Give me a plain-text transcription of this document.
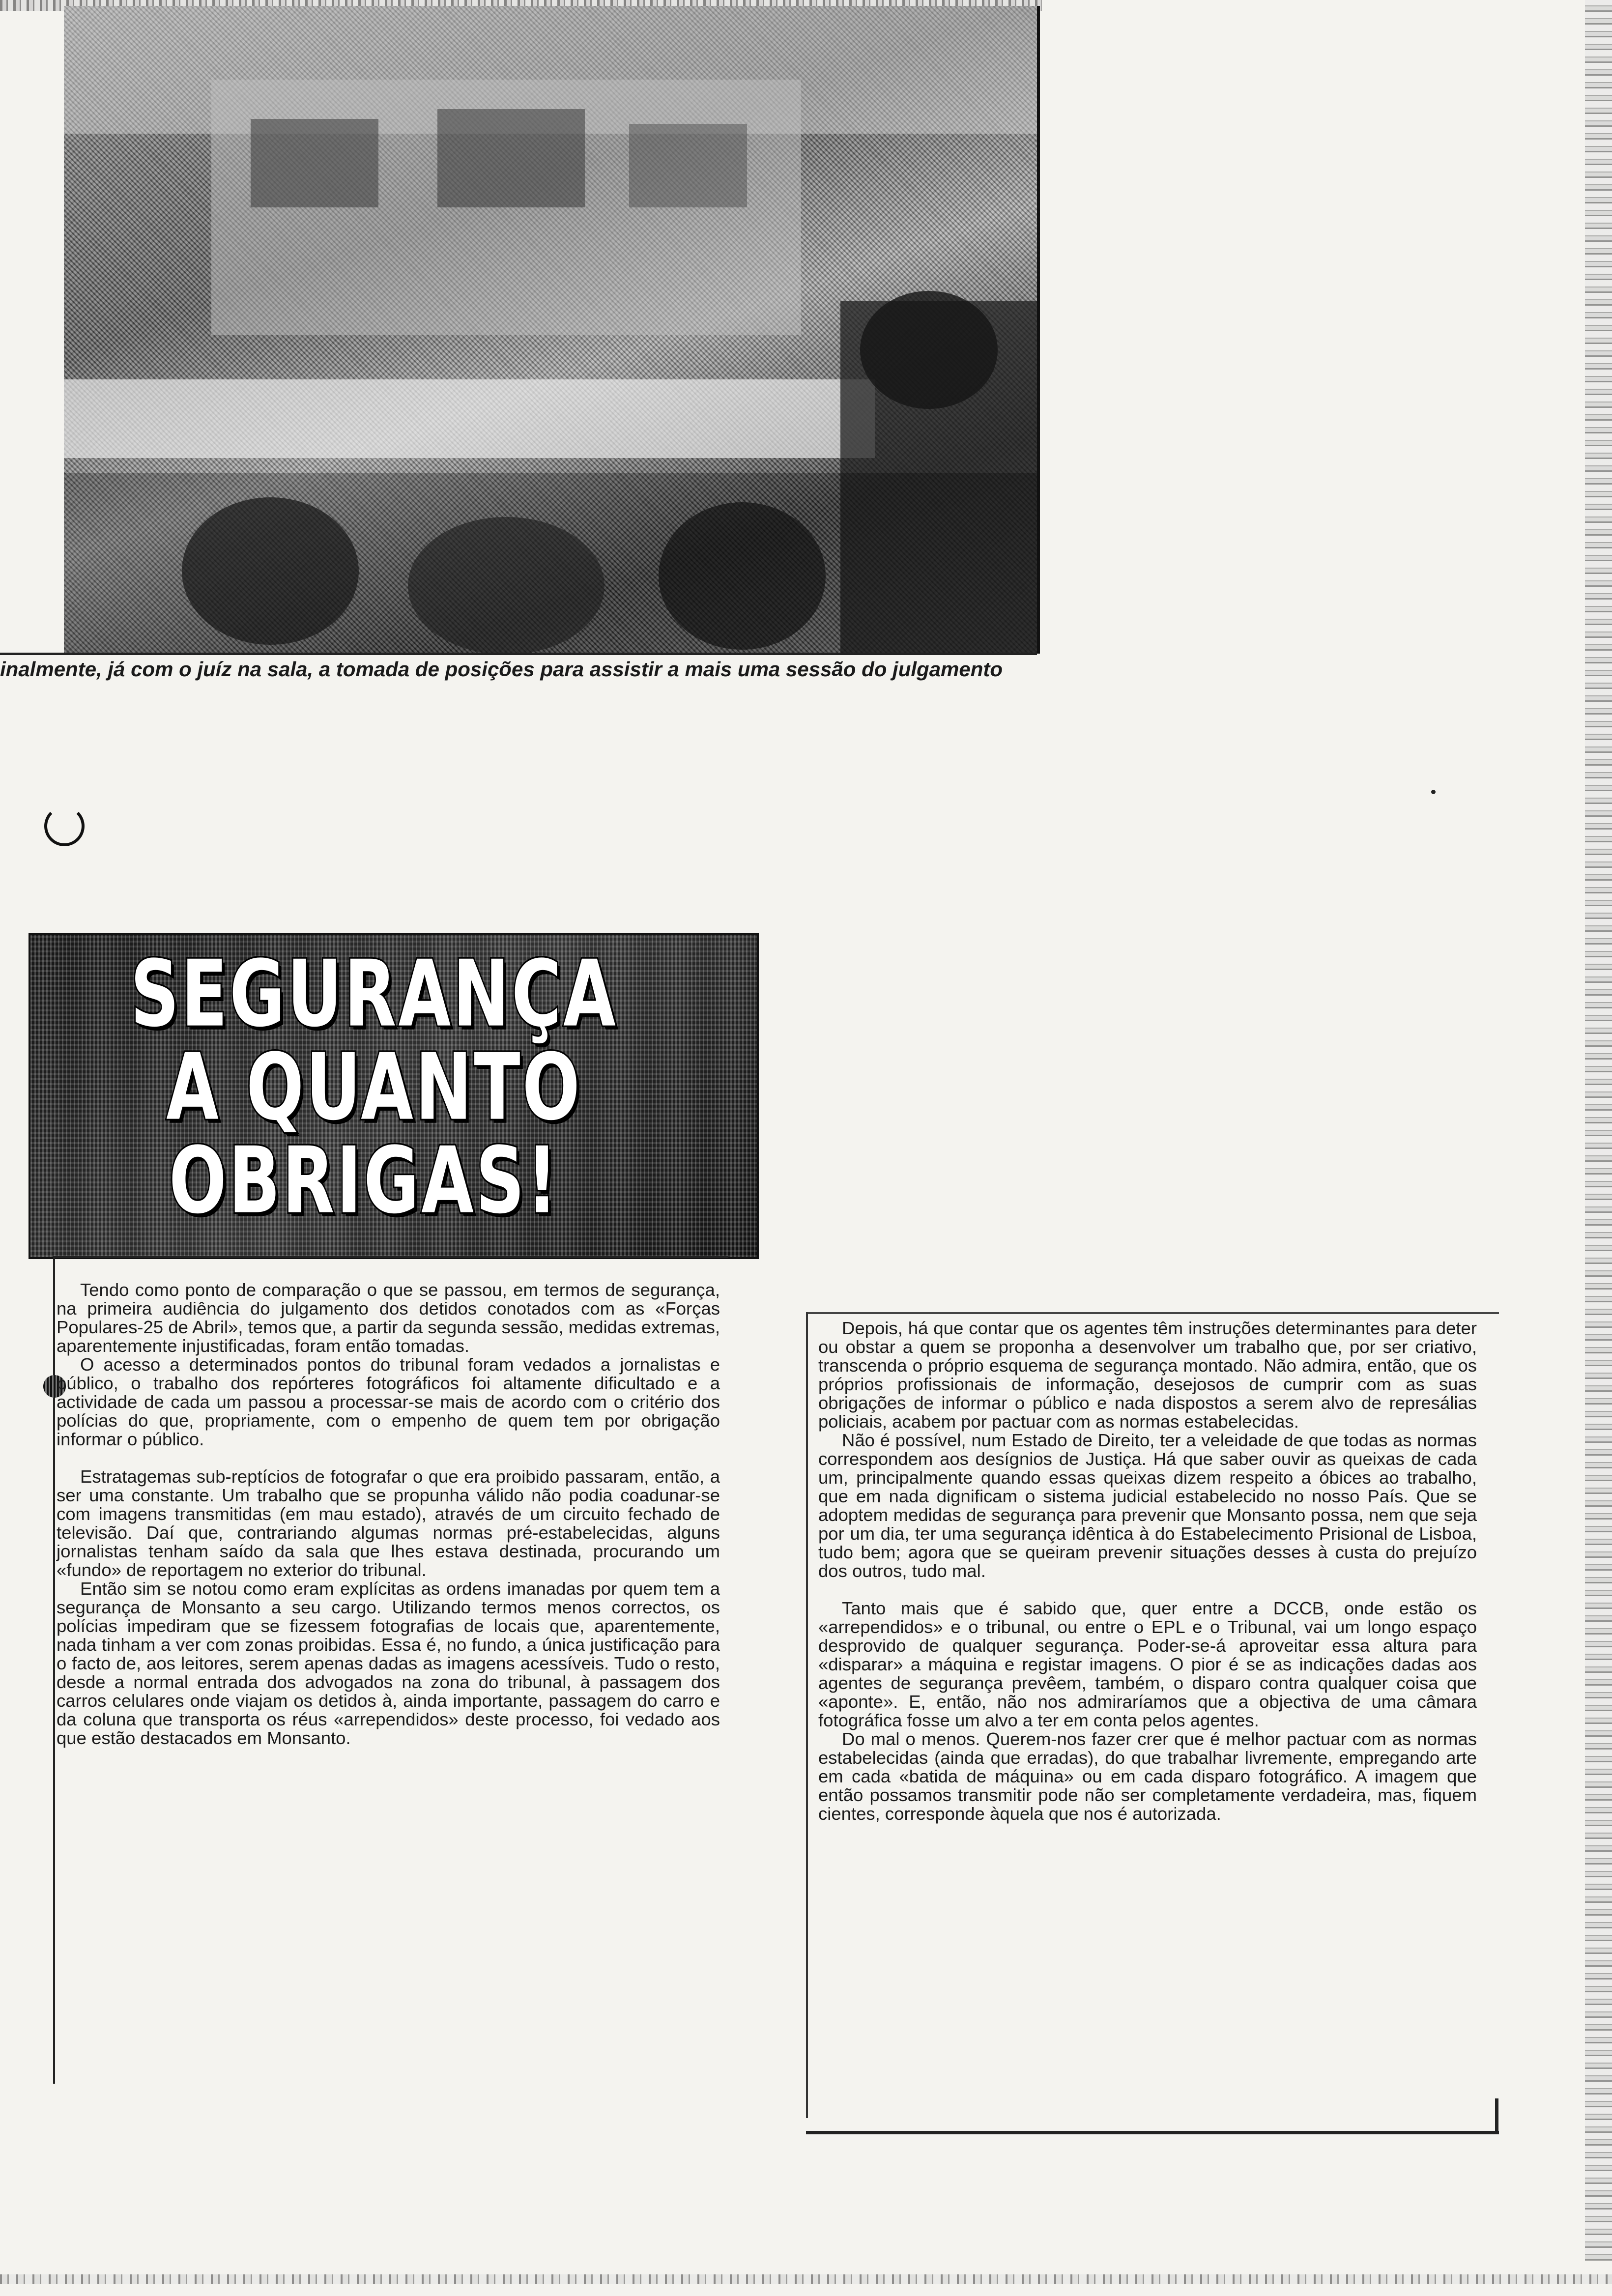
inalmente, já com o juíz na sala, a tomada de posições para assistir a mais uma sessão do julgamento
SEGURANÇA
A QUANTO
OBRIGAS!

Tendo como ponto de comparação o que se passou, em termos de segurança, na primeira audiência do julgamento dos detidos conotados com as «Forças Populares-25 de Abril», temos que, a partir da segunda sessão, medidas extremas, aparentemente injustificadas, foram então tomadas.

O acesso a determinados pontos do tribunal foram vedados a jornalistas e público, o trabalho dos repórteres fotográficos foi altamente dificultado e a actividade de cada um passou a processar-se mais de acordo com o critério dos polícias do que, propriamente, com o empenho de quem tem por obrigação informar o público.

Estratagemas sub-reptícios de fotografar o que era proibido passaram, então, a ser uma constante. Um trabalho que se propunha válido não podia coadunar-se com imagens transmitidas (em mau estado), através de um circuito fechado de televisão. Daí que, contrariando algumas normas pré-estabelecidas, alguns jornalistas tenham saído da sala que lhes estava destinada, procurando um «fundo» de reportagem no exterior do tribunal.

Então sim se notou como eram explícitas as ordens imanadas por quem tem a segurança de Monsanto a seu cargo. Utilizando termos menos correctos, os polícias impediram que se fizessem fotografias de locais que, aparentemente, nada tinham a ver com zonas proibidas. Essa é, no fundo, a única justificação para o facto de, aos leitores, serem apenas dadas as imagens acessíveis. Tudo o resto, desde a normal entrada dos advogados na zona do tribunal, à passagem dos carros celulares onde viajam os detidos à, ainda importante, passagem do carro e da coluna que transporta os réus «arrependidos» deste processo, foi vedado aos que estão destacados em Monsanto.

Depois, há que contar que os agentes têm instruções determinantes para deter ou obstar a quem se proponha a desenvolver um trabalho que, por ser criativo, transcenda o próprio esquema de segurança montado. Não admira, então, que os próprios profissionais de informação, desejosos de cumprir com as suas obrigações de informar o público e nada dispostos a serem alvo de represálias policiais, acabem por pactuar com as normas estabelecidas.

Não é possível, num Estado de Direito, ter a veleidade de que todas as normas correspondem aos desígnios de Justiça. Há que saber ouvir as queixas de cada um, principalmente quando essas queixas dizem respeito a óbices ao trabalho, que em nada dignificam o sistema judicial estabelecido no nosso País. Que se adoptem medidas de segurança para prevenir que Monsanto possa, nem que seja por um dia, ter uma segurança idêntica à do Estabelecimento Prisional de Lisboa, tudo bem; agora que se queiram prevenir situações desses à custa do prejuízo dos outros, tudo mal.

Tanto mais que é sabido que, quer entre a DCCB, onde estão os «arrependidos» e o tribunal, ou entre o EPL e o Tribunal, vai um longo espaço desprovido de qualquer segurança. Poder-se-á aproveitar essa altura para «disparar» a máquina e registar imagens. O pior é se as indicações dadas aos agentes de segurança prevêem, também, o disparo contra qualquer coisa que «aponte». E, então, não nos admiraríamos que a objectiva de uma câmara fotográfica fosse um alvo a ter em conta pelos agentes.

Do mal o menos. Querem-nos fazer crer que é melhor pactuar com as normas estabelecidas (ainda que erradas), do que trabalhar livremente, empregando arte em cada «batida de máquina» ou em cada disparo fotográfico. A imagem que então possamos transmitir pode não ser completamente verdadeira, mas, fiquem cientes, corresponde àquela que nos é autorizada.
